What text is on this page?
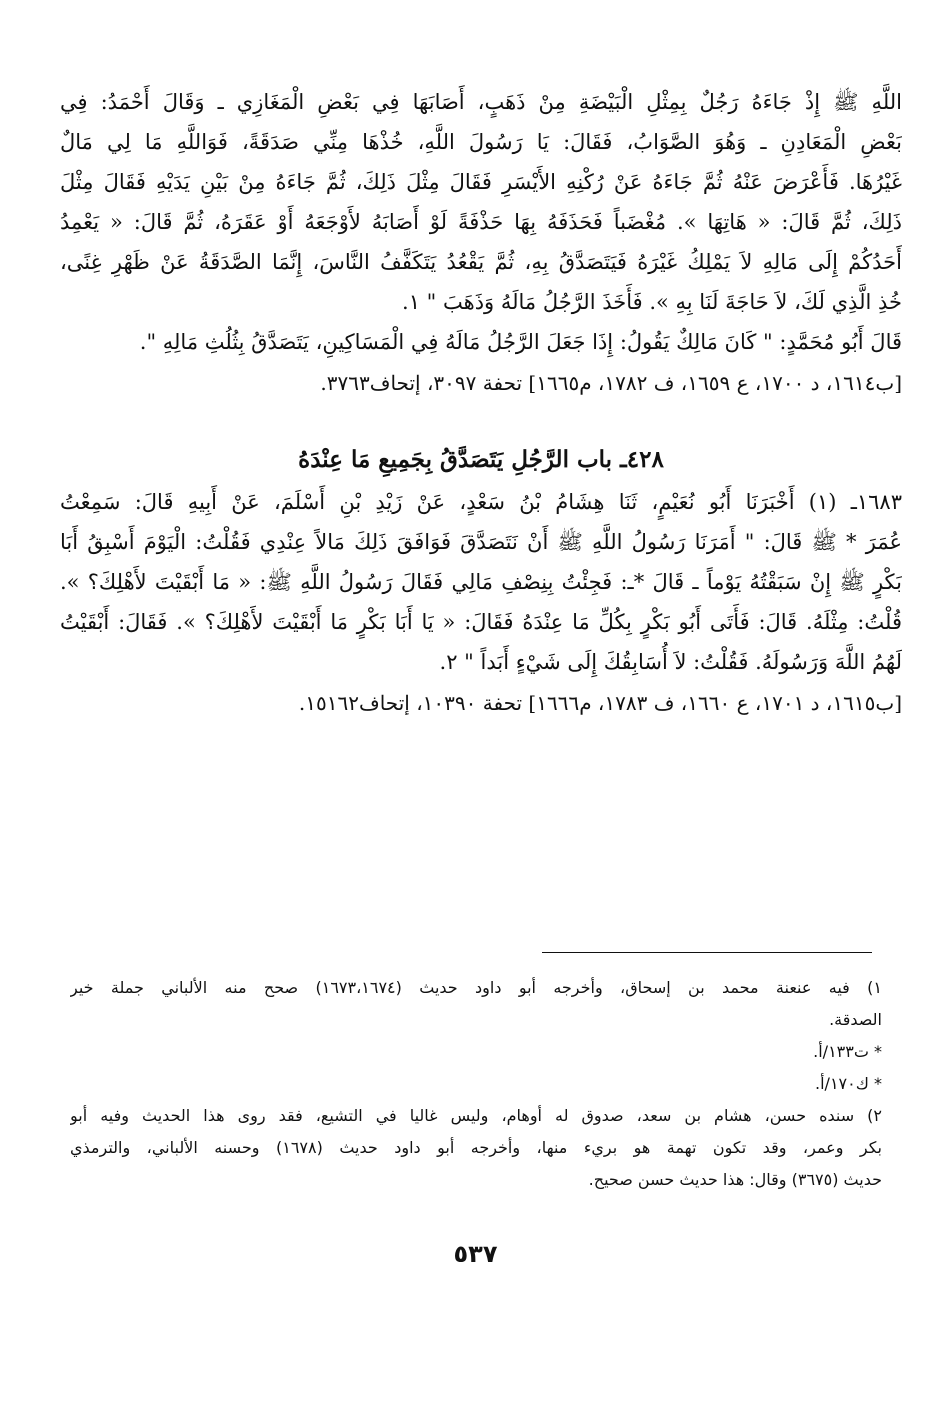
اللَّهِ ﷺ إِذْ جَاءَهُ رَجُلٌ بِمِثْلِ الْبَيْضَةِ مِنْ ذَهَبٍ، أَصَابَهَا فِي بَعْضِ الْمَغَازِي ـ وَقَالَ أَحْمَدُ: فِي
بَعْضِ الْمَعَادِنِ ـ وَهُوَ الصَّوَابُ، فَقَالَ: يَا رَسُولَ اللَّهِ، خُذْهَا مِنِّي صَدَقَةً، فَوَاللَّهِ مَا لِي مَالٌ
غَيْرُهَا. فَأَعْرَضَ عَنْهُ ثُمَّ جَاءَهُ عَنْ رُكْنِهِ الأَيْسَرِ فَقَالَ مِثْلَ ذَلِكَ، ثُمَّ جَاءَهُ مِنْ بَيْنِ يَدَيْهِ فَقَالَ مِثْلَ
ذَلِكَ، ثُمَّ قَالَ: « هَاتِهَا ». مُغْضَباً فَحَذَفَهُ بِهَا حَذْفَةً لَوْ أَصَابَهُ لأَوْجَعَهُ أَوْ عَقَرَهُ، ثُمَّ قَالَ: « يَعْمِدُ
أَحَدُكُمْ إِلَى مَالِهِ لاَ يَمْلِكُ غَيْرَهُ فَيَتَصَدَّقُ بِهِ، ثُمَّ يَقْعُدُ يَتَكَفَّفُ النَّاسَ، إِنَّمَا الصَّدَقَةُ عَنْ ظَهْرِ غِنًى،
خُذِ الَّذِي لَكَ، لاَ حَاجَةَ لَنَا بِهِ ». فَأَخَذَ الرَّجُلُ مَالَهُ وَذَهَبَ " ١.
قَالَ أَبُو مُحَمَّدٍ: " كَانَ مَالِكٌ يَقُولُ: إِذَا جَعَلَ الرَّجُلُ مَالَهُ فِي الْمَسَاكِينِ، يَتَصَدَّقُ بِثُلُثِ مَالِهِ ".
[ب١٦١٤، د ١٧٠٠، ع ١٦٥٩، ف ١٧٨٢، م١٦٦٥] تحفة ٣٠٩٧، إتحاف٣٧٦٣.
٤٢٨ـ باب الرَّجُلِ يَتَصَدَّقُ بِجَمِيعِ مَا عِنْدَهُ
١٦٨٣ـ (١) أَخْبَرَنَا أَبُو نُعَيْمٍ، ثَنَا هِشَامُ بْنُ سَعْدٍ، عَنْ زَيْدِ بْنِ أَسْلَمَ، عَنْ أَبِيهِ قَالَ: سَمِعْتُ
عُمَرَ * ﷺ قَالَ: " أَمَرَنَا رَسُولُ اللَّهِ ﷺ أَنْ نَتَصَدَّقَ فَوَافَقَ ذَلِكَ مَالاً عِنْدِي فَقُلْتُ: الْيَوْمَ أَسْبِقُ أَبَا
بَكْرٍ ﷺ إِنْ سَبَقْتُهُ يَوْماً ـ قَالَ *ـ: فَجِئْتُ بِنِصْفِ مَالِي فَقَالَ رَسُولُ اللَّهِ ﷺ: « مَا أَبْقَيْتَ لأَهْلِكَ؟ ».
قُلْتُ: مِثْلَهُ. قَالَ: فَأَتَى أَبُو بَكْرٍ بِكُلِّ مَا عِنْدَهُ فَقَالَ: « يَا أَبَا بَكْرٍ مَا أَبْقَيْتَ لأَهْلِكَ؟ ». فَقَالَ: أَبْقَيْتُ
لَهُمُ اللَّهَ وَرَسُولَهُ. فَقُلْتُ: لاَ أُسَابِقُكَ إِلَى شَيْءٍ أَبَداً " ٢.
[ب١٦١٥، د ١٧٠١، ع ١٦٦٠، ف ١٧٨٣، م١٦٦٦] تحفة ١٠٣٩٠، إتحاف١٥١٦٢.
١) فيه عنعنة محمد بن إسحاق، وأخرجه أبو داود حديث (١٦٧٣،١٦٧٤) صحح منه الألباني جملة خير
الصدقة.
* ت١٣٣/أ.
* ك١٧٠/أ.
٢) سنده حسن، هشام بن سعد، صدوق له أوهام، وليس غاليا في التشيع، فقد روى هذا الحديث وفيه أبو
بكر وعمر، وقد تكون تهمة هو بريء منها، وأخرجه أبو داود حديث (١٦٧٨) وحسنه الألباني، والترمذي
حديث (٣٦٧٥) وقال: هذا حديث حسن صحيح.
٥٣٧
